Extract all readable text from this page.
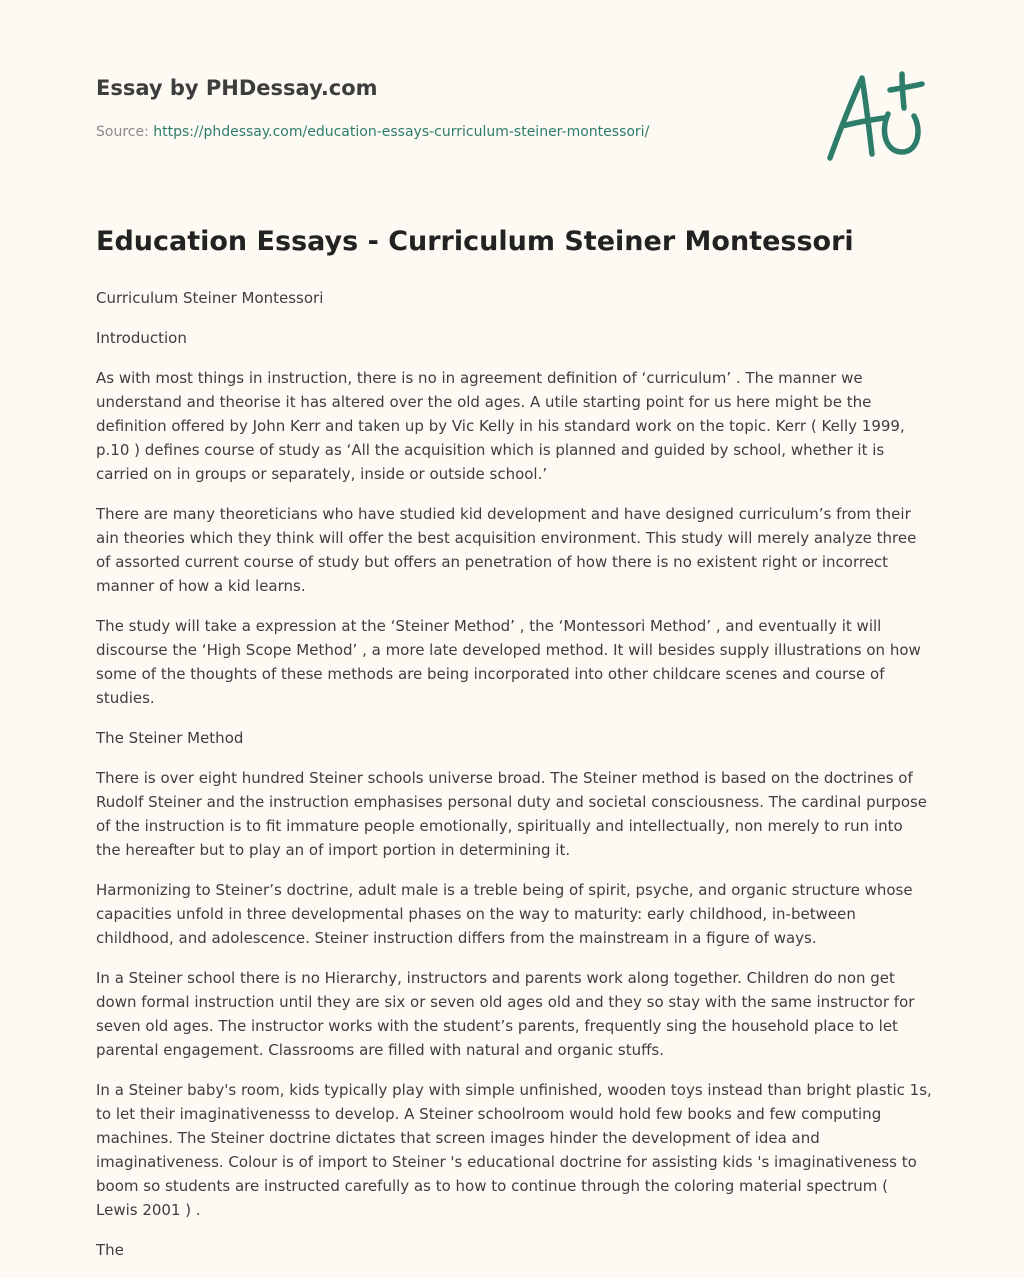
Essay by PHDessay.com
Source: https://phdessay.com/education-essays-curriculum-steiner-montessori/
Education Essays - Curriculum Steiner Montessori

Curriculum Steiner Montessori

Introduction

As with most things in instruction, there is no in agreement definition of ‘curriculum’ . The manner we understand and theorise it has altered over the old ages. A utile starting point for us here might be the definition offered by John Kerr and taken up by Vic Kelly in his standard work on the topic. Kerr ( Kelly 1999, p.10 ) defines course of study as ‘All the acquisition which is planned and guided by school, whether it is carried on in groups or separately, inside or outside school.’

There are many theoreticians who have studied kid development and have designed curriculum’s from their ain theories which they think will offer the best acquisition environment. This study will merely analyze three of assorted current course of study but offers an penetration of how there is no existent right or incorrect manner of how a kid learns.

The study will take a expression at the ‘Steiner Method’ , the ‘Montessori Method’ , and eventually it will discourse the ‘High Scope Method’ , a more late developed method. It will besides supply illustrations on how some of the thoughts of these methods are being incorporated into other childcare scenes and course of studies.

The Steiner Method

There is over eight hundred Steiner schools universe broad. The Steiner method is based on the doctrines of Rudolf Steiner and the instruction emphasises personal duty and societal consciousness. The cardinal purpose of the instruction is to fit immature people emotionally, spiritually and intellectually, non merely to run into the hereafter but to play an of import portion in determining it.

Harmonizing to Steiner’s doctrine, adult male is a treble being of spirit, psyche, and organic structure whose capacities unfold in three developmental phases on the way to maturity: early childhood, in-between childhood, and adolescence. Steiner instruction differs from the mainstream in a figure of ways.

In a Steiner school there is no Hierarchy, instructors and parents work along together. Children do non get down formal instruction until they are six or seven old ages old and they so stay with the same instructor for seven old ages. The instructor works with the student’s parents, frequently sing the household place to let parental engagement. Classrooms are filled with natural and organic stuffs.

In a Steiner baby's room, kids typically play with simple unfinished, wooden toys instead than bright plastic 1s, to let their imaginativenesss to develop. A Steiner schoolroom would hold few books and few computing machines. The Steiner doctrine dictates that screen images hinder the development of idea and imaginativeness. Colour is of import to Steiner 's educational doctrine for assisting kids 's imaginativeness to boom so students are instructed carefully as to how to continue through the coloring material spectrum ( Lewis 2001 ) .

The
